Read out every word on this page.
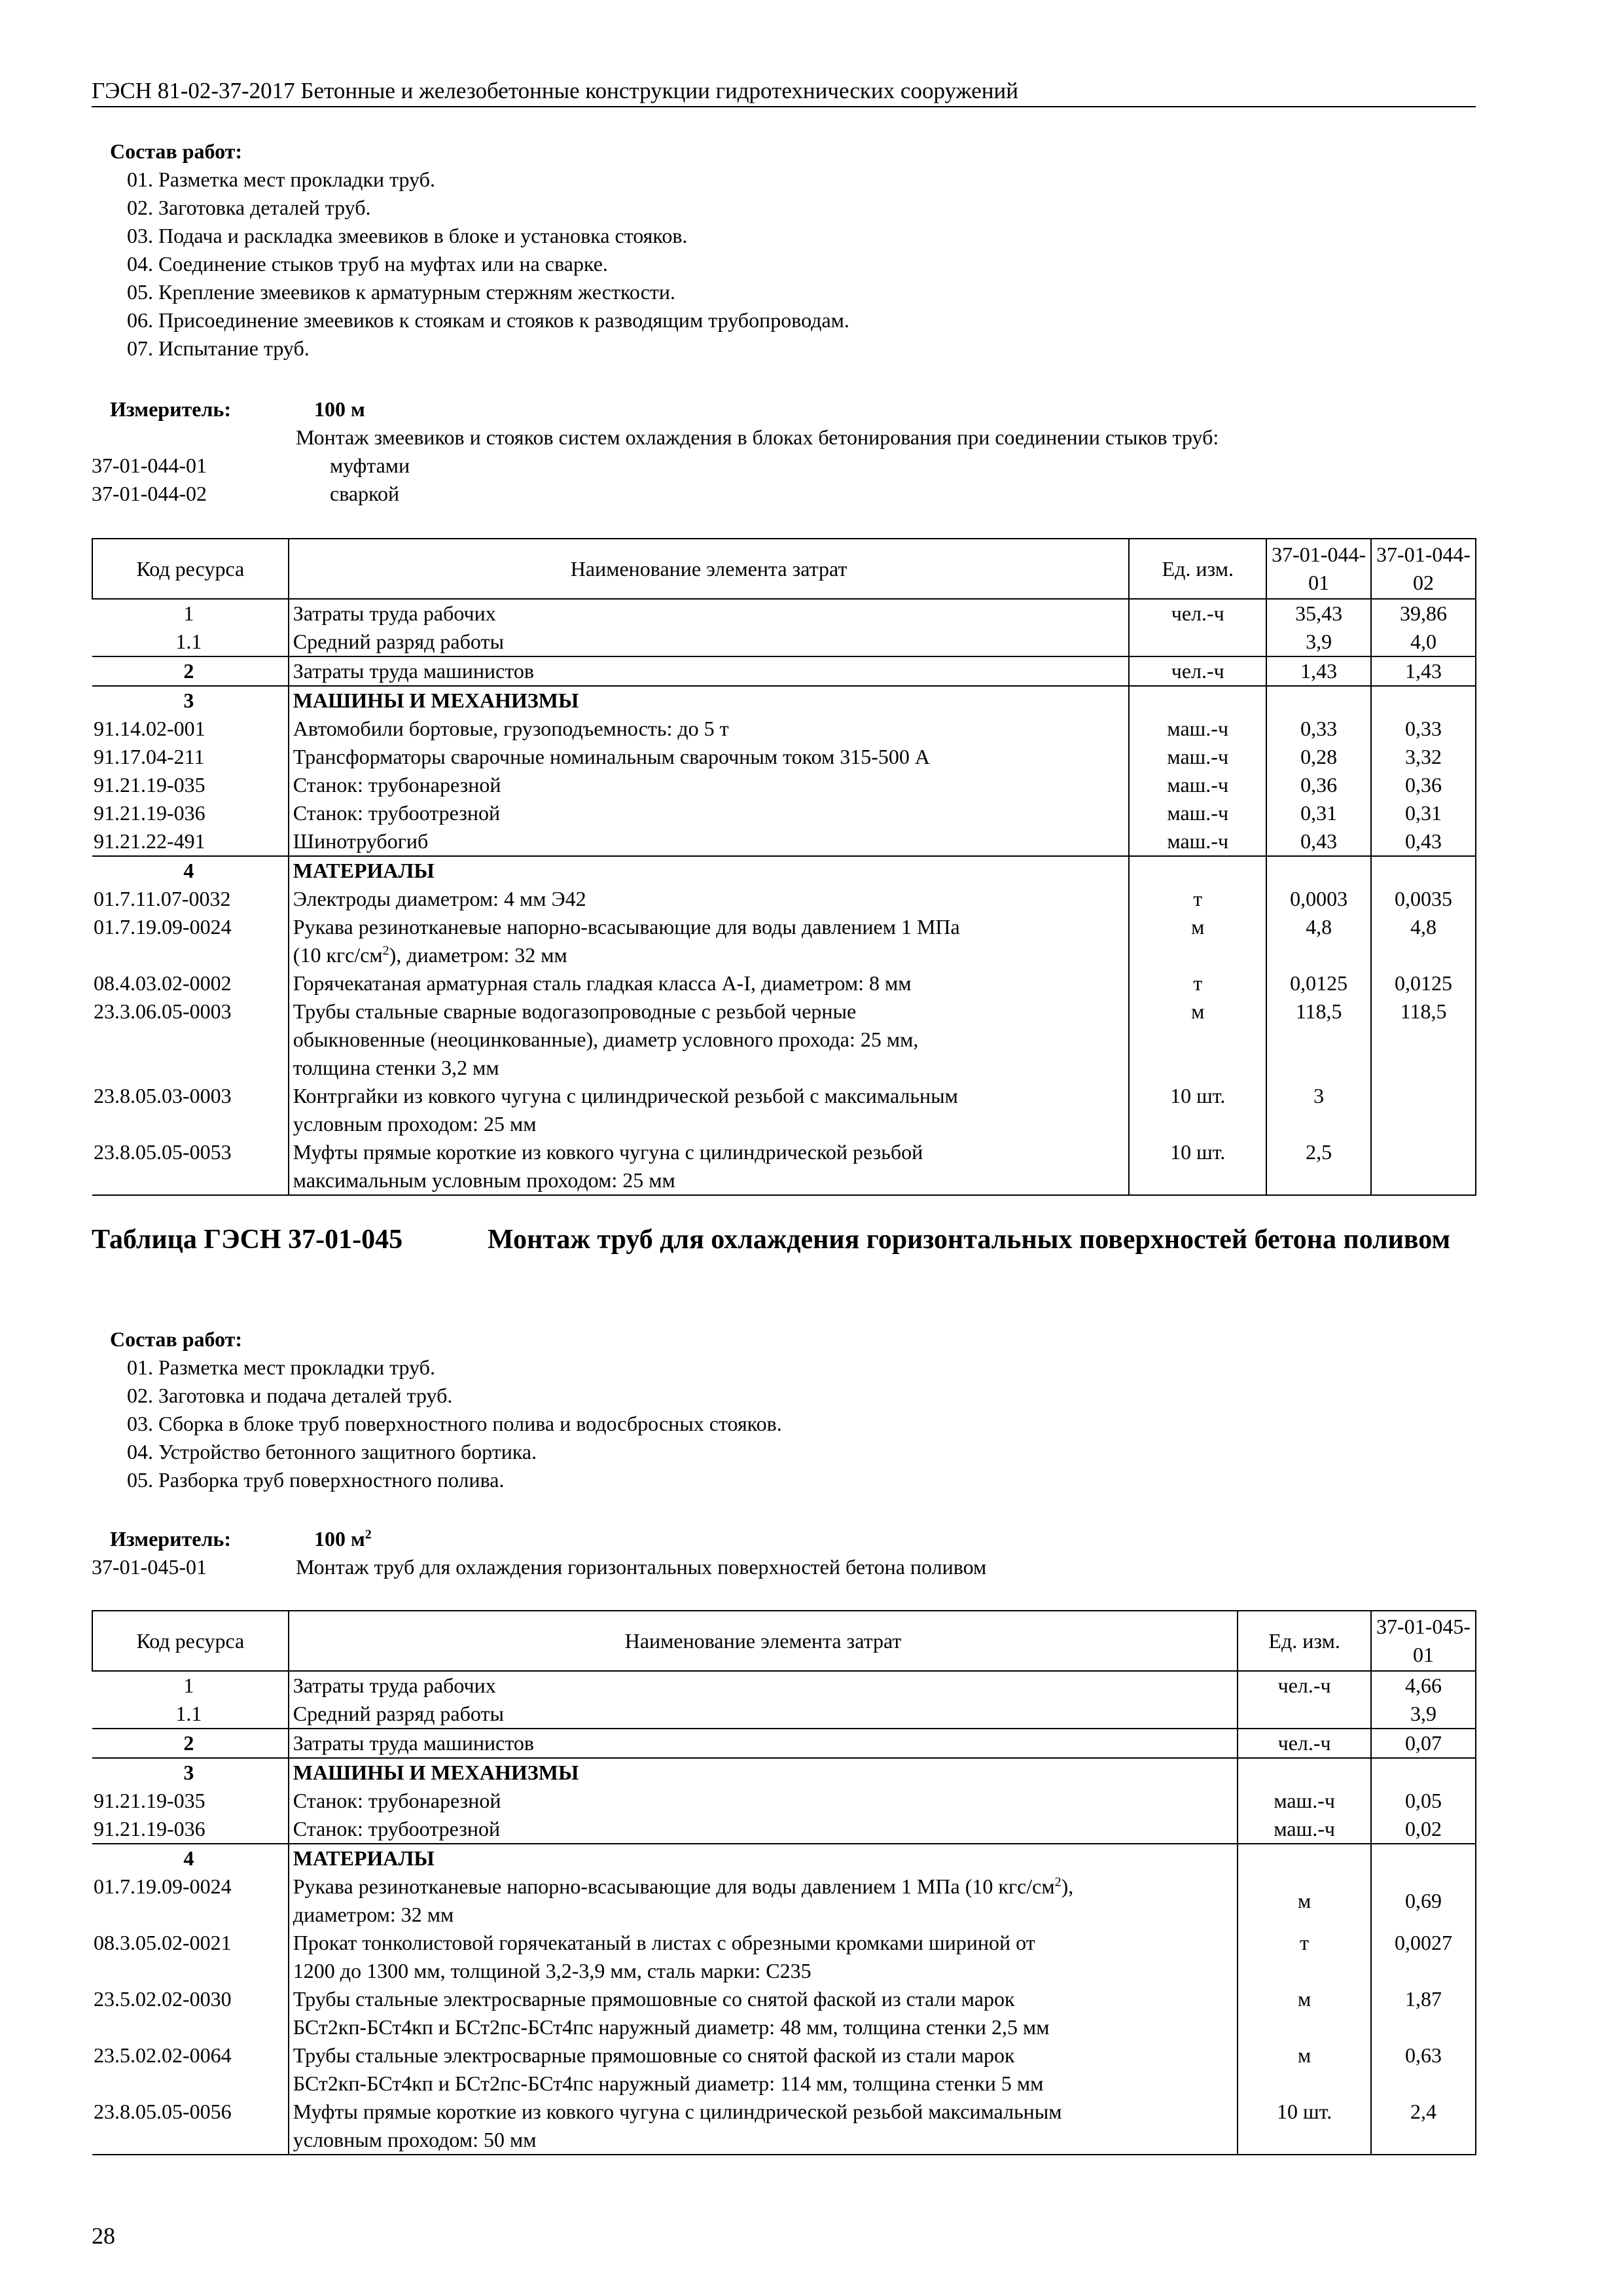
ГЭСН 81-02-37-2017 Бетонные и железобетонные конструкции гидротехнических сооружений
Состав работ:
01. Разметка мест прокладки труб.
02. Заготовка деталей труб.
03. Подача и раскладка змеевиков в блоке и установка стояков.
04. Соединение стыков труб на муфтах или на сварке.
05. Крепление змеевиков к арматурным стержням жесткости.
06. Присоединение змеевиков к стоякам и стояков к разводящим трубопроводам.
07. Испытание труб.
Измеритель:	100 м
Монтаж змеевиков и стояков систем охлаждения в блоках бетонирования при соединении стыков труб:
37-01-044-01	муфтами
37-01-044-02	сваркой
Код ресурса	Наименование элемента затрат	Ед. изм.	37-01-044-01	37-01-044-02
1	Затраты труда рабочих	чел.-ч	35,43	39,86
1.1	Средний разряд работы		3,9	4,0
2	Затраты труда машинистов	чел.-ч	1,43	1,43
3	МАШИНЫ И МЕХАНИЗМЫ			
91.14.02-001	Автомобили бортовые, грузоподъемность: до 5 т	маш.-ч	0,33	0,33
91.17.04-211	Трансформаторы сварочные номинальным сварочным током 315-500 А	маш.-ч	0,28	3,32
91.21.19-035	Станок: трубонарезной	маш.-ч	0,36	0,36
91.21.19-036	Станок: трубоотрезной	маш.-ч	0,31	0,31
91.21.22-491	Шинотрубогиб	маш.-ч	0,43	0,43
4	МАТЕРИАЛЫ			
01.7.11.07-0032	Электроды диаметром: 4 мм Э42	т	0,0003	0,0035
01.7.19.09-0024	Рукава резинотканевые напорно-всасывающие для воды давлением 1 МПа
(10 кгс/$см^2$), диаметром: 32 мм	м	4,8	4,8
08.4.03.02-0002	Горячекатаная арматурная сталь гладкая класса А-I, диаметром: 8 мм	т	0,0125	0,0125
23.3.06.05-0003	Трубы стальные сварные водогазопроводные с резьбой черные
обыкновенные (неоцинкованные), диаметр условного прохода: 25 мм,
толщина стенки 3,2 мм	м	118,5	118,5
23.8.05.03-0003	Контргайки из ковкого чугуна с цилиндрической резьбой с максимальным
условным проходом: 25 мм	10 шт.	3	
23.8.05.05-0053	Муфты прямые короткие из ковкого чугуна с цилиндрической резьбой
максимальным условным проходом: 25 мм	10 шт.	2,5	
Таблица ГЭСН 37-01-045	Монтаж труб для охлаждения горизонтальных поверхностей бетона поливом
Состав работ:
01. Разметка мест прокладки труб.
02. Заготовка и подача деталей труб.
03. Сборка в блоке труб поверхностного полива и водосбросных стояков.
04. Устройство бетонного защитного бортика.
05. Разборка труб поверхностного полива.
Измеритель:	100 $м^2$
37-01-045-01	Монтаж труб для охлаждения горизонтальных поверхностей бетона поливом
Код ресурса	Наименование элемента затрат	Ед. изм.	37-01-045-01
1	Затраты труда рабочих	чел.-ч	4,66
1.1	Средний разряд работы		3,9
2	Затраты труда машинистов	чел.-ч	0,07
3	МАШИНЫ И МЕХАНИЗМЫ		
91.21.19-035	Станок: трубонарезной	маш.-ч	0,05
91.21.19-036	Станок: трубоотрезной	маш.-ч	0,02
4	МАТЕРИАЛЫ		
01.7.19.09-0024	Рукава резинотканевые напорно-всасывающие для воды давлением 1 МПа (10 кгс/$см^2$),
диаметром: 32 мм	м	0,69
08.3.05.02-0021	Прокат тонколистовой горячекатаный в листах с обрезными кромками шириной от
1200 до 1300 мм, толщиной 3,2-3,9 мм, сталь марки: С235	т	0,0027
23.5.02.02-0030	Трубы стальные электросварные прямошовные со снятой фаской из стали марок
БСт2кп-БСт4кп и БСт2пс-БСт4пс наружный диаметр: 48 мм, толщина стенки 2,5 мм	м	1,87
23.5.02.02-0064	Трубы стальные электросварные прямошовные со снятой фаской из стали марок
БСт2кп-БСт4кп и БСт2пс-БСт4пс наружный диаметр: 114 мм, толщина стенки 5 мм	м	0,63
23.8.05.05-0056	Муфты прямые короткие из ковкого чугуна с цилиндрической резьбой максимальным
условным проходом: 50 мм	10 шт.	2,4
28
